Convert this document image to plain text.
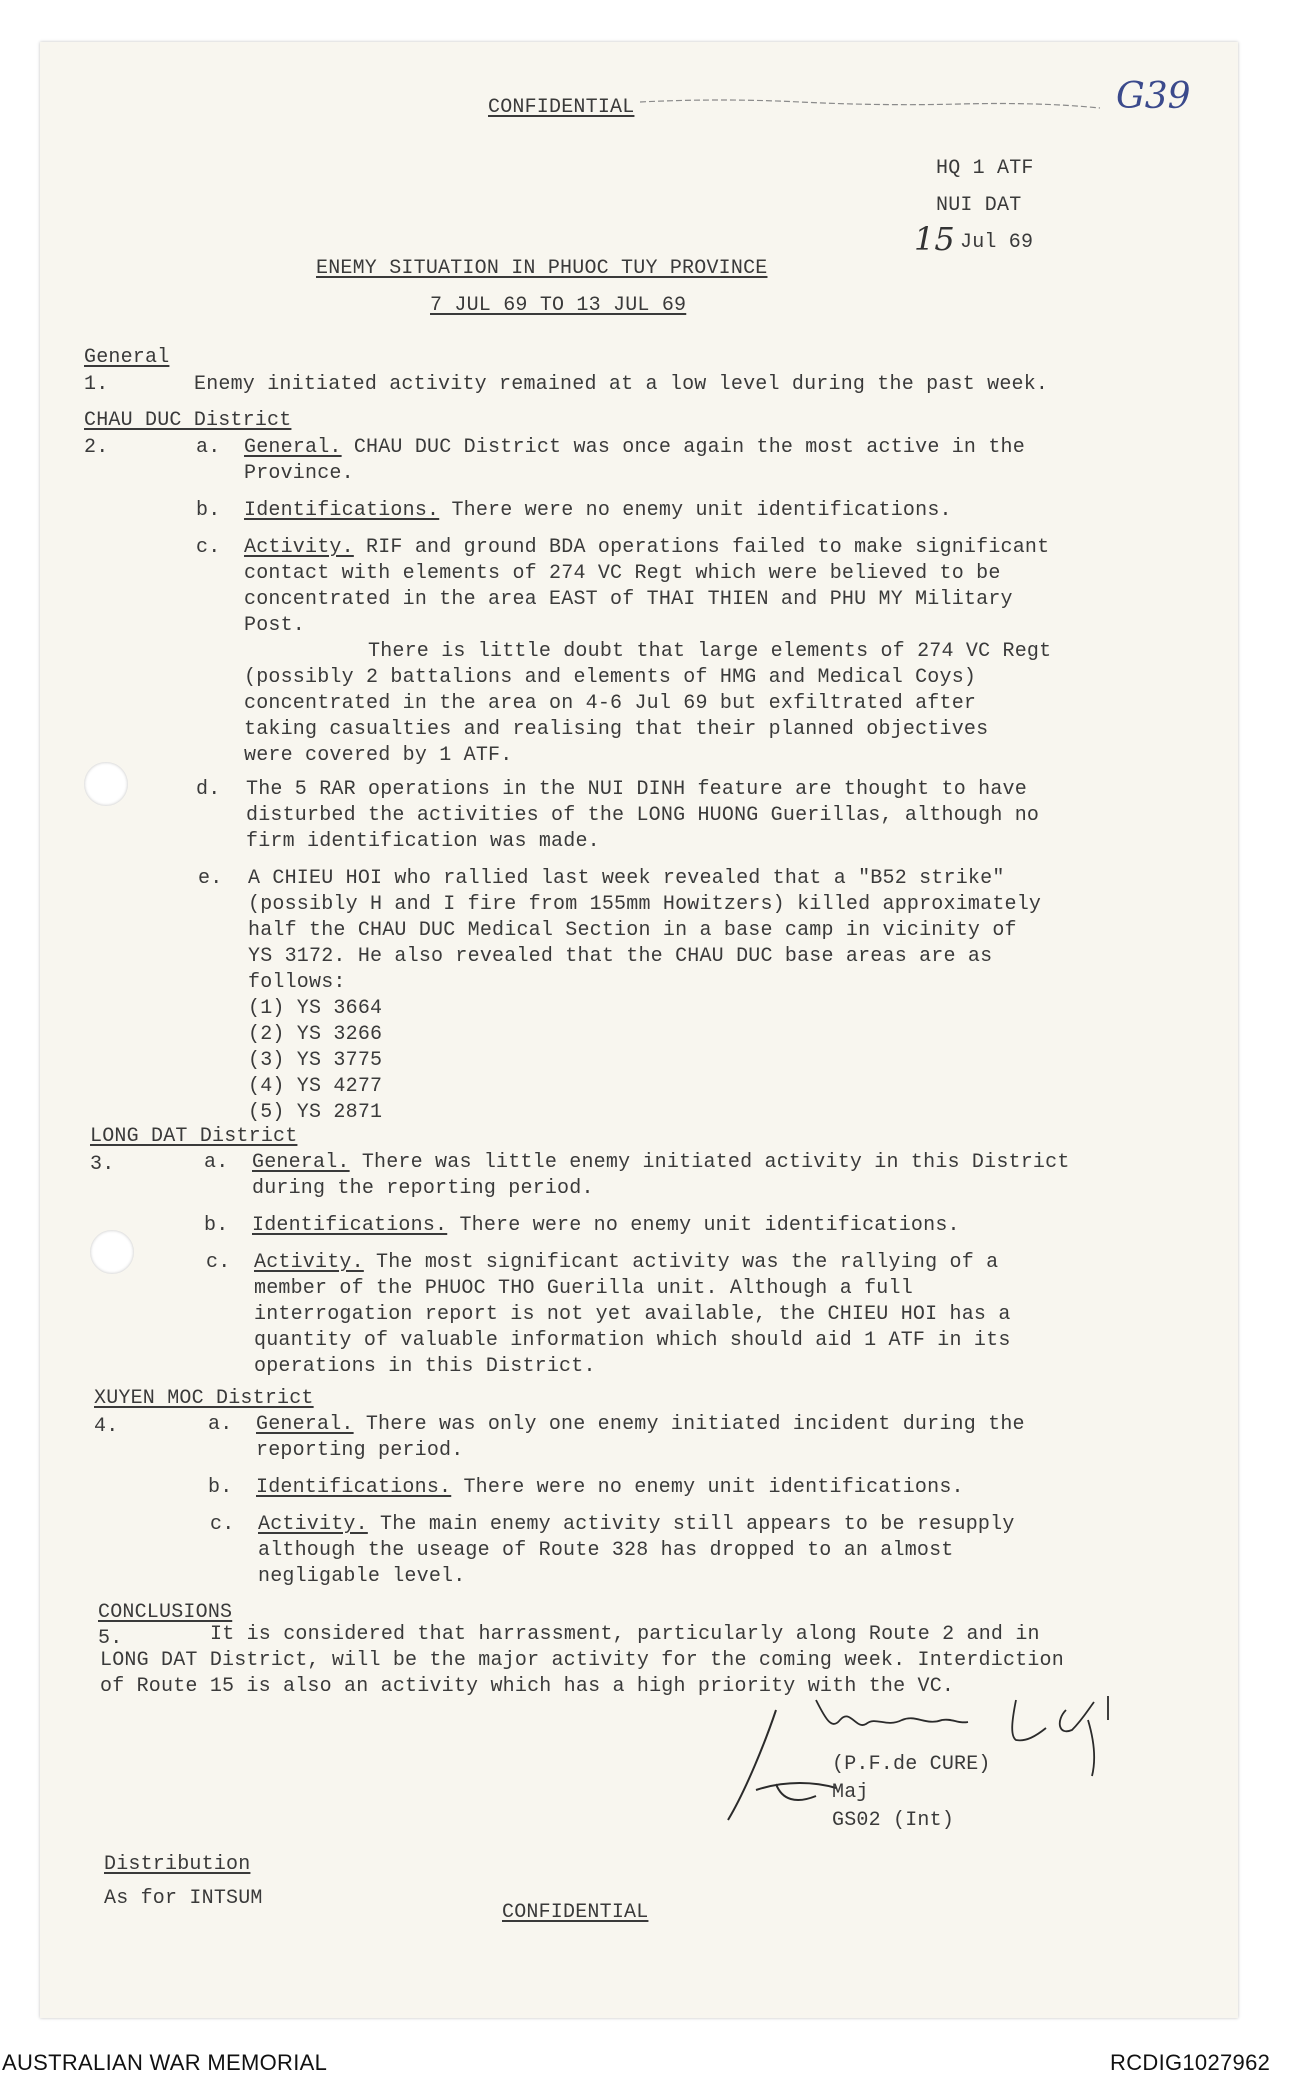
CONFIDENTIAL	G39
HQ 1 ATF
NUI DAT
15 Jul 69
ENEMY SITUATION IN PHUOC TUY PROVINCE
7 JUL 69 TO 13 JUL 69
General
1.	Enemy initiated activity remained at a low level during the past week.
CHAU DUC District
2.	a. General. CHAU DUC District was once again the most active in the
Province.
b. Identifications. There were no enemy unit identifications.
c. Activity. RIF and ground BDA operations failed to make significant
contact with elements of 274 VC Regt which were believed to be
concentrated in the area EAST of THAI THIEN and PHU MY Military
Post.
There is little doubt that large elements of 274 VC Regt
(possibly 2 battalions and elements of HMG and Medical Coys)
concentrated in the area on 4-6 Jul 69 but exfiltrated after
taking casualties and realising that their planned objectives
were covered by 1 ATF.
d. The 5 RAR operations in the NUI DINH feature are thought to have
disturbed the activities of the LONG HUONG Guerillas, although no
firm identification was made.
e. A CHIEU HOI who rallied last week revealed that a "B52 strike"
(possibly H and I fire from 155mm Howitzers) killed approximately
half the CHAU DUC Medical Section in a base camp in vicinity of
YS 3172. He also revealed that the CHAU DUC base areas are as
follows:
(1) YS 3664
(2) YS 3266
(3) YS 3775
(4) YS 4277
(5) YS 2871
LONG DAT District
3.	a. General. There was little enemy initiated activity in this District
during the reporting period.
b. Identifications. There were no enemy unit identifications.
c. Activity. The most significant activity was the rallying of a
member of the PHUOC THO Guerilla unit. Although a full
interrogation report is not yet available, the CHIEU HOI has a
quantity of valuable information which should aid 1 ATF in its
operations in this District.
XUYEN MOC District
4.	a. General. There was only one enemy initiated incident during the
reporting period.
b. Identifications. There were no enemy unit identifications.
c. Activity. The main enemy activity still appears to be resupply
although the useage of Route 328 has dropped to an almost
negligable level.
CONCLUSIONS
5.	It is considered that harrassment, particularly along Route 2 and in
LONG DAT District, will be the major activity for the coming week. Interdiction
of Route 15 is also an activity which has a high priority with the VC.
(P.F.de CURE)
Maj
GS02 (Int)
Distribution
As for INTSUM
CONFIDENTIAL
AUSTRALIAN WAR MEMORIAL	RCDIG1027962
